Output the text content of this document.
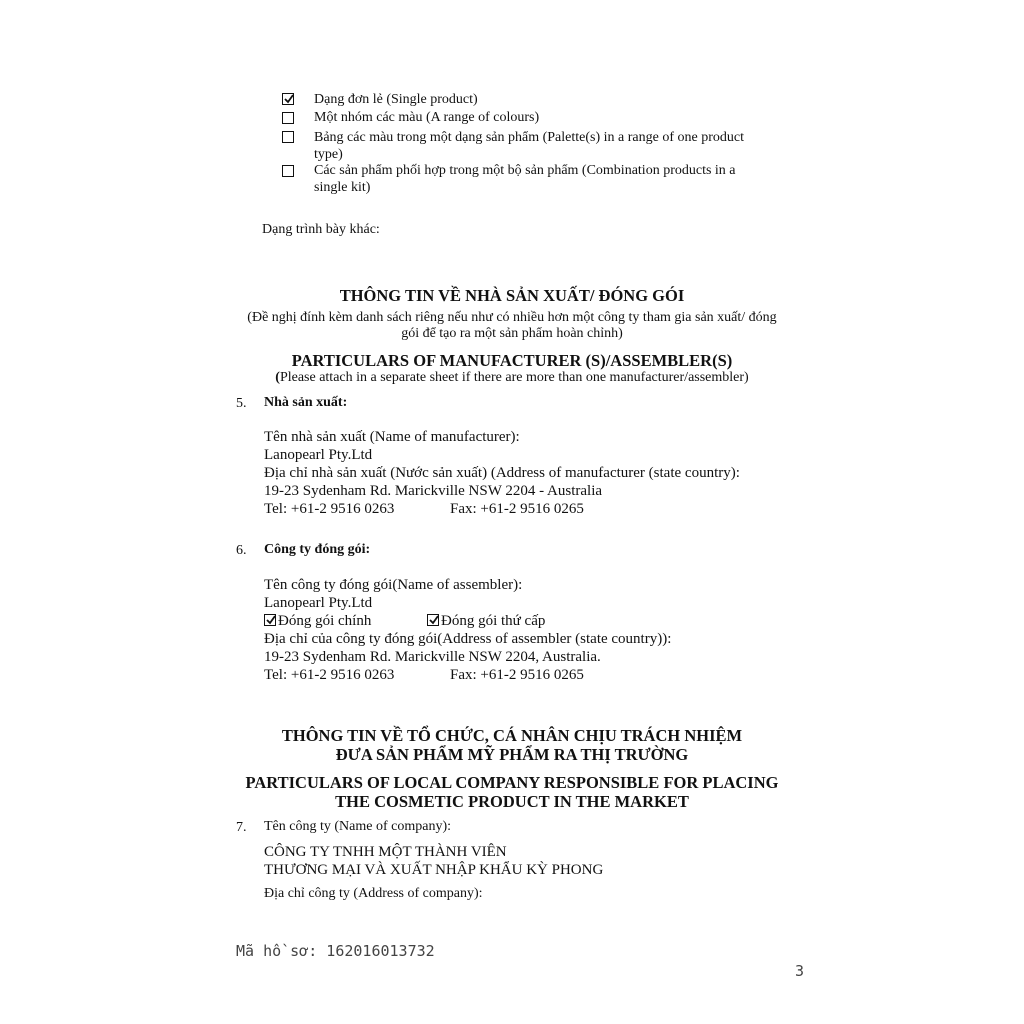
Dạng đơn lẻ (Single product)
Một nhóm các màu (A range of colours)
Bảng các màu trong một dạng sản phẩm (Palette(s) in a range of one product
type)
Các sản phẩm phối hợp trong một bộ sản phẩm (Combination products in a
single kit)
Dạng trình bày khác:
THÔNG TIN VỀ NHÀ SẢN XUẤT/ ĐÓNG GÓI
(Đề nghị đính kèm danh sách riêng nếu như có nhiều hơn một công ty tham gia sản xuất/ đóng
gói để tạo ra một sản phẩm hoàn chỉnh)
PARTICULARS OF MANUFACTURER (S)/ASSEMBLER(S)
(Please attach in a separate sheet if there are more than one manufacturer/assembler)
5. Nhà sản xuất:
Tên nhà sản xuất (Name of manufacturer):
Lanopearl Pty.Ltd
Địa chỉ nhà sản xuất (Nước sản xuất) (Address of manufacturer (state country):
19-23 Sydenham Rd. Marickville NSW 2204 - Australia
Tel: +61-2 9516 0263	Fax: +61-2 9516 0265
6. Công ty đóng gói:
Tên công ty đóng gói(Name of assembler):
Lanopearl Pty.Ltd
Đóng gói chính	Đóng gói thứ cấp
Địa chỉ của công ty đóng gói(Address of assembler (state country)):
19-23 Sydenham Rd. Marickville NSW 2204, Australia.
Tel: +61-2 9516 0263	Fax: +61-2 9516 0265
THÔNG TIN VỀ TỔ CHỨC, CÁ NHÂN CHỊU TRÁCH NHIỆM
ĐƯA SẢN PHẨM MỸ PHẨM RA THỊ TRƯỜNG
PARTICULARS OF LOCAL COMPANY RESPONSIBLE FOR PLACING
THE COSMETIC PRODUCT IN THE MARKET
7. Tên công ty (Name of company):
CÔNG TY TNHH MỘT THÀNH VIÊN
THƯƠNG MẠI VÀ XUẤT NHẬP KHẨU KỲ PHONG
Địa chỉ công ty (Address of company):
Mã hồ sơ: 162016013732
3
